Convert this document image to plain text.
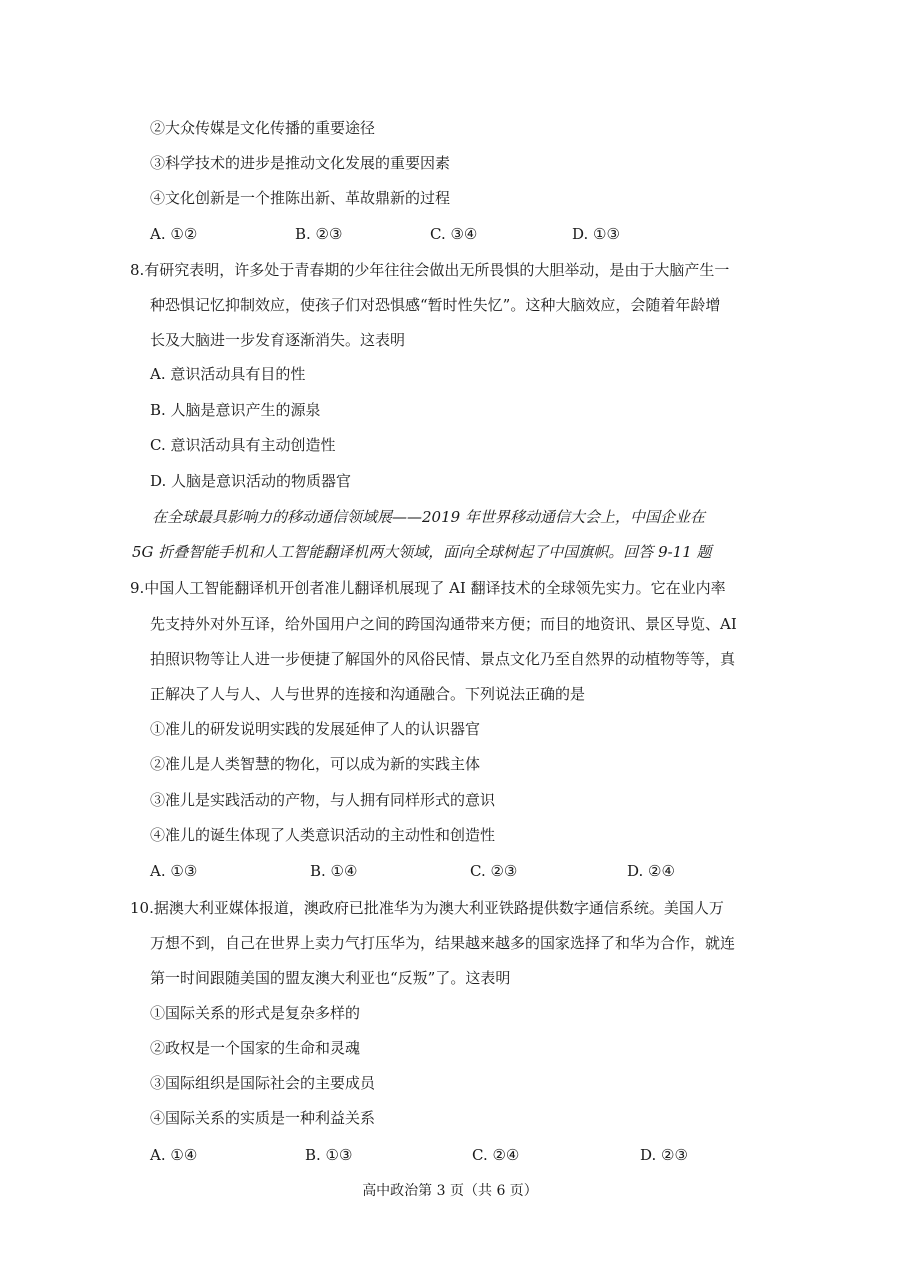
②大众传媒是文化传播的重要途径
③科学技术的进步是推动文化发展的重要因素
④文化创新是一个推陈出新、革故鼎新的过程
A. ①②	B. ②③	C. ③④	D. ①③
8.有研究表明，许多处于青春期的少年往往会做出无所畏惧的大胆举动，是由于大脑产生一
种恐惧记忆抑制效应，使孩子们对恐惧感“暂时性失忆”。这种大脑效应，会随着年龄增
长及大脑进一步发育逐渐消失。这表明
A. 意识活动具有目的性
B. 人脑是意识产生的源泉
C. 意识活动具有主动创造性
D. 人脑是意识活动的物质器官
在全球最具影响力的移动通信领域展——2019 年世界移动通信大会上，中国企业在
5G 折叠智能手机和人工智能翻译机两大领域，面向全球树起了中国旗帜。回答 9-11 题
9.中国人工智能翻译机开创者准儿翻译机展现了 AI 翻译技术的全球领先实力。它在业内率
先支持外对外互译，给外国用户之间的跨国沟通带来方便；而目的地资讯、景区导览、AI
拍照识物等让人进一步便捷了解国外的风俗民情、景点文化乃至自然界的动植物等等，真
正解决了人与人、人与世界的连接和沟通融合。下列说法正确的是
①准儿的研发说明实践的发展延伸了人的认识器官
②准儿是人类智慧的物化，可以成为新的实践主体
③准儿是实践活动的产物，与人拥有同样形式的意识
④准儿的诞生体现了人类意识活动的主动性和创造性
A. ①③	B. ①④	C. ②③	D. ②④
10.据澳大利亚媒体报道，澳政府已批准华为为澳大利亚铁路提供数字通信系统。美国人万
万想不到，自己在世界上卖力气打压华为，结果越来越多的国家选择了和华为合作，就连
第一时间跟随美国的盟友澳大利亚也“反叛”了。这表明
①国际关系的形式是复杂多样的
②政权是一个国家的生命和灵魂
③国际组织是国际社会的主要成员
④国际关系的实质是一种利益关系
A. ①④	B. ①③	C. ②④	D. ②③
高中政治第 3 页（共 6 页）
